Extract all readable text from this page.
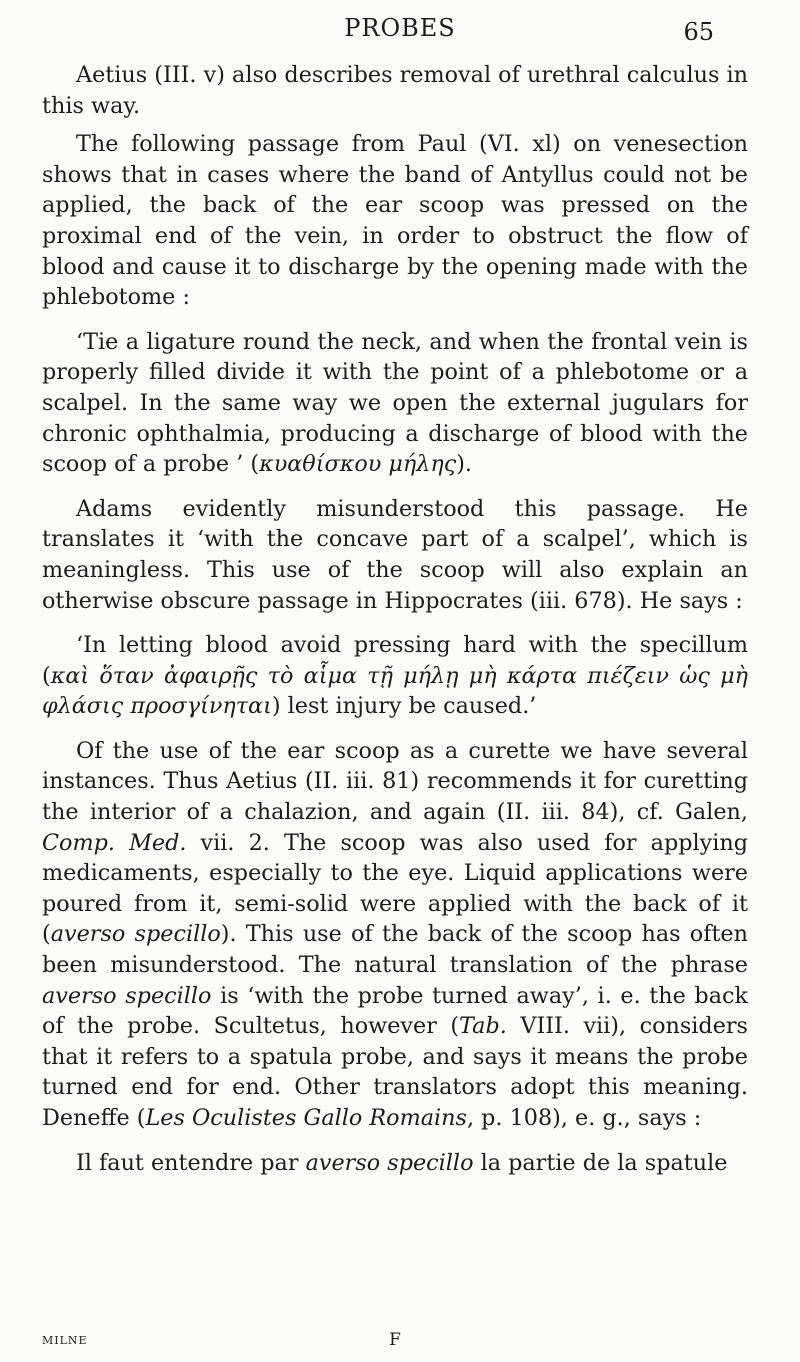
PROBES	65

Aetius (III. v) also describes removal of urethral calculus in this way.

The following passage from Paul (VI. xl) on venesection shows that in cases where the band of Antyllus could not be applied, the back of the ear scoop was pressed on the proximal end of the vein, in order to obstruct the flow of blood and cause it to discharge by the opening made with the phlebotome :

‘Tie a ligature round the neck, and when the frontal vein is properly filled divide it with the point of a phlebotome or a scalpel. In the same way we open the external jugulars for chronic ophthalmia, producing a discharge of blood with the scoop of a probe ’ (κυαθίσκου μήλης).

Adams evidently misunderstood this passage. He translates it ‘with the concave part of a scalpel’, which is meaningless. This use of the scoop will also explain an otherwise obscure passage in Hippocrates (iii. 678). He says :

‘In letting blood avoid pressing hard with the specillum (καὶ ὅταν ἀφαιρῇς τὸ αἷμα τῇ μήλῃ μὴ κάρτα πιέζειν ὡς μὴ φλάσις προσγίνηται) lest injury be caused.’

Of the use of the ear scoop as a curette we have several instances. Thus Aetius (II. iii. 81) recommends it for curetting the interior of a chalazion, and again (II. iii. 84), cf. Galen, Comp. Med. vii. 2. The scoop was also used for applying medicaments, especially to the eye. Liquid applications were poured from it, semi-solid were applied with the back of it (averso specillo). This use of the back of the scoop has often been misunderstood. The natural translation of the phrase averso specillo is ‘with the probe turned away’, i. e. the back of the probe. Scultetus, however (Tab. VIII. vii), considers that it refers to a spatula probe, and says it means the probe turned end for end. Other translators adopt this meaning. Deneffe (Les Oculistes Gallo Romains, p. 108), e. g., says :

Il faut entendre par averso specillo la partie de la spatule

MILNE	F
